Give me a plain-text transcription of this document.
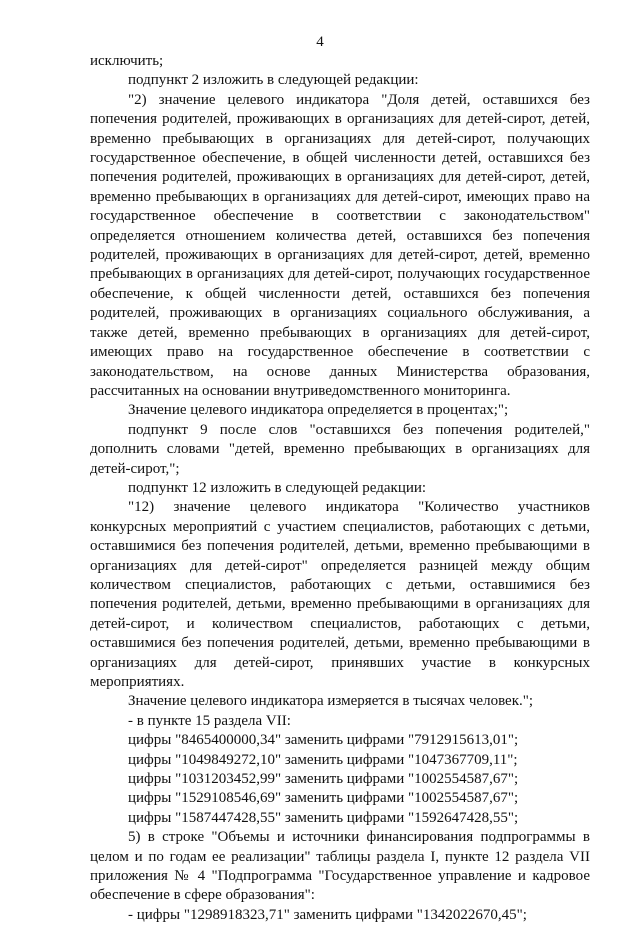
4

исключить;

подпункт 2 изложить в следующей редакции:

"2) значение целевого индикатора "Доля детей, оставшихся без попечения родителей, проживающих в организациях для детей-сирот, детей, временно пребывающих в организациях для детей-сирот, получающих государственное обеспечение, в общей численности детей, оставшихся без попечения родителей, проживающих в организациях для детей-сирот, детей, временно пребывающих в организациях для детей-сирот, имеющих право на государственное обеспечение в соответствии с законодательством" определяется отношением количества детей, оставшихся без попечения родителей, проживающих в организациях для детей-сирот, детей, временно пребывающих в организациях для детей-сирот, получающих государственное обеспечение, к общей численности детей, оставшихся без попечения родителей, проживающих в организациях социального обслуживания, а также детей, временно пребывающих в организациях для детей-сирот, имеющих право на государственное обеспечение в соответствии с законодательством, на основе данных Министерства образования, рассчитанных на основании внутриведомственного мониторинга.

Значение целевого индикатора определяется в процентах;";

подпункт 9 после слов "оставшихся без попечения родителей," дополнить словами "детей, временно пребывающих в организациях для детей-сирот,";

подпункт 12 изложить в следующей редакции:

"12) значение целевого индикатора "Количество участников конкурсных мероприятий с участием специалистов, работающих с детьми, оставшимися без попечения родителей, детьми, временно пребывающими в организациях для детей-сирот" определяется разницей между общим количеством специалистов, работающих с детьми, оставшимися без попечения родителей, детьми, временно пребывающими в организациях для детей-сирот, и количеством специалистов, работающих с детьми, оставшимися без попечения родителей, детьми, временно пребывающими в организациях для детей-сирот, принявших участие в конкурсных мероприятиях.

Значение целевого индикатора измеряется в тысячах человек.";

- в пункте 15 раздела VII:

цифры "8465400000,34" заменить цифрами "7912915613,01";

цифры "1049849272,10" заменить цифрами "1047367709,11";

цифры "1031203452,99" заменить цифрами "1002554587,67";

цифры "1529108546,69" заменить цифрами "1002554587,67";

цифры "1587447428,55" заменить цифрами "1592647428,55";

5) в строке "Объемы и источники финансирования подпрограммы в целом и по годам ее реализации" таблицы раздела I, пункте 12 раздела VII приложения № 4 "Подпрограмма "Государственное управление и кадровое обеспечение в сфере образования":

- цифры "1298918323,71" заменить цифрами "1342022670,45";
